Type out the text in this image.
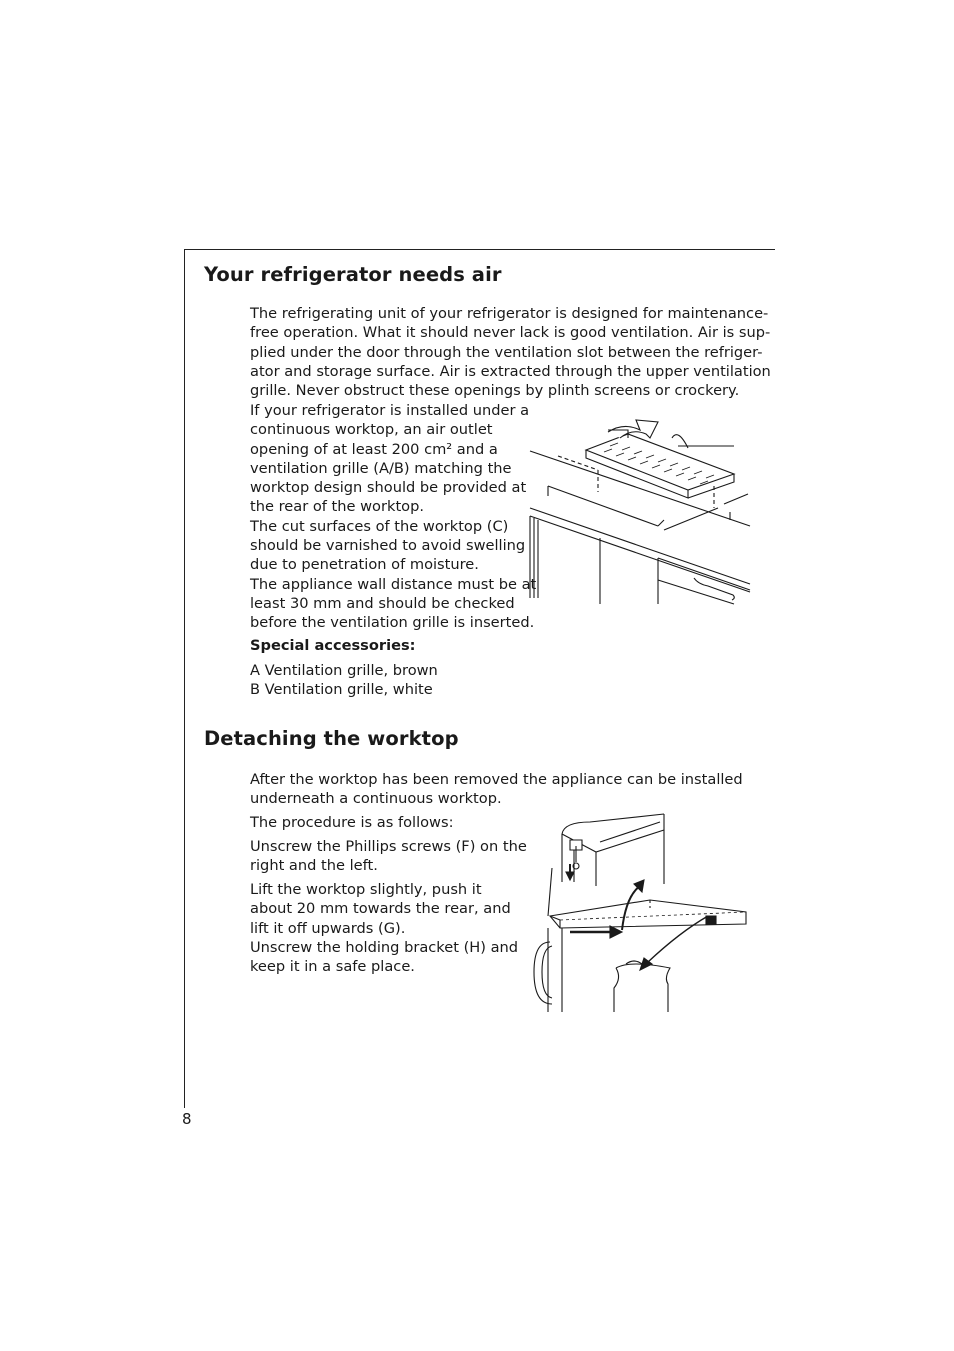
Your refrigerator needs air
The refrigerating unit of your refrigerator is designed for maintenance-
free operation. What it should never lack is good ventilation. Air is sup-
plied under the door through the ventilation slot between the refriger-
ator and storage surface. Air is extracted through the upper ventilation
grille. Never obstruct these openings by plinth screens or crockery.
If your refrigerator is installed under a
continuous worktop, an air outlet
opening of at least 200 cm² and a
ventilation grille (A/B) matching the
worktop design should be provided at
the rear of the worktop.
The cut surfaces of the worktop (C)
should be varnished to avoid swelling
due to penetration of moisture.
The appliance wall distance must be at
least 30 mm and should be checked
before the ventilation grille is inserted.
Special accessories:
A Ventilation grille, brown
B Ventilation grille, white
Detaching the worktop
After the worktop has been removed the appliance can be installed
underneath a continuous worktop.
The procedure is as follows:
Unscrew the Phillips screws (F) on the
right and the left.
Lift the worktop slightly, push it
about 20 mm towards the rear, and
lift it off upwards (G).
Unscrew the holding bracket (H) and
keep it in a safe place.
8
